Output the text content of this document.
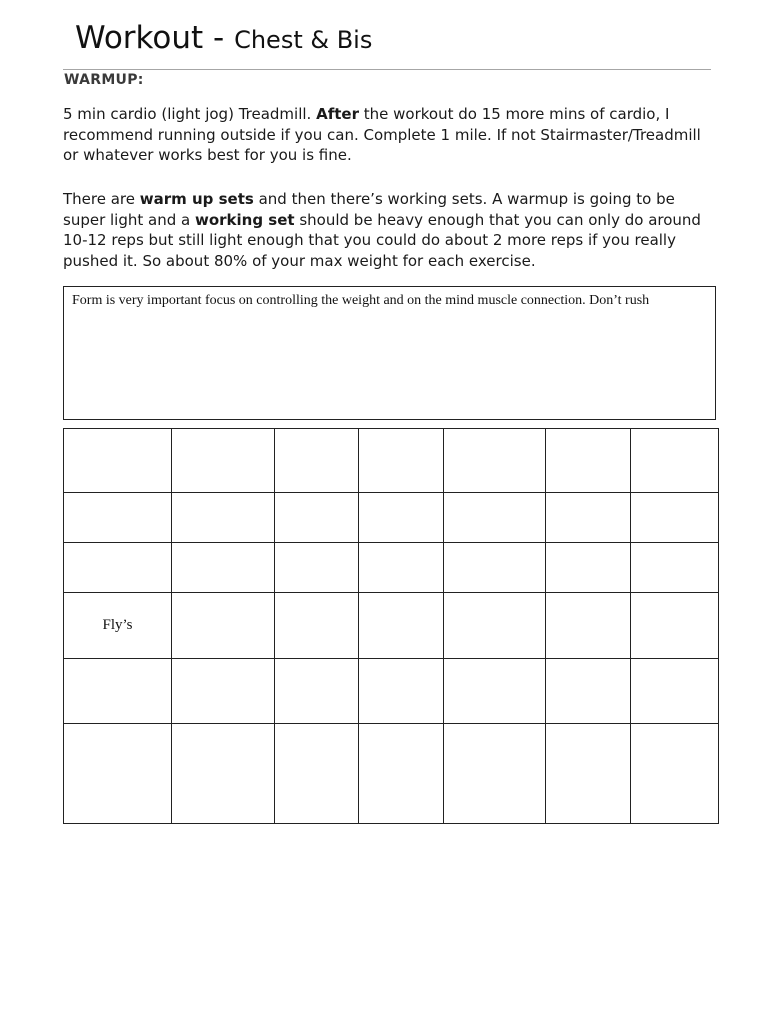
Workout - Chest & Bis
WARMUP:
5 min cardio (light jog) Treadmill. After the workout do 15 more mins of cardio, I recommend running outside if you can. Complete 1 mile. If not Stairmaster/Treadmill or whatever works best for you is fine.
There are warm up sets and then there’s working sets. A warmup is going to be super light and a working set should be heavy enough that you can only do around 10-12 reps but still light enough that you could do about 2 more reps if you really pushed it. So about 80% of your max weight for each exercise.
Form is very important focus on controlling the weight and on the mind muscle connection. Don’t rush

Fly’s						
